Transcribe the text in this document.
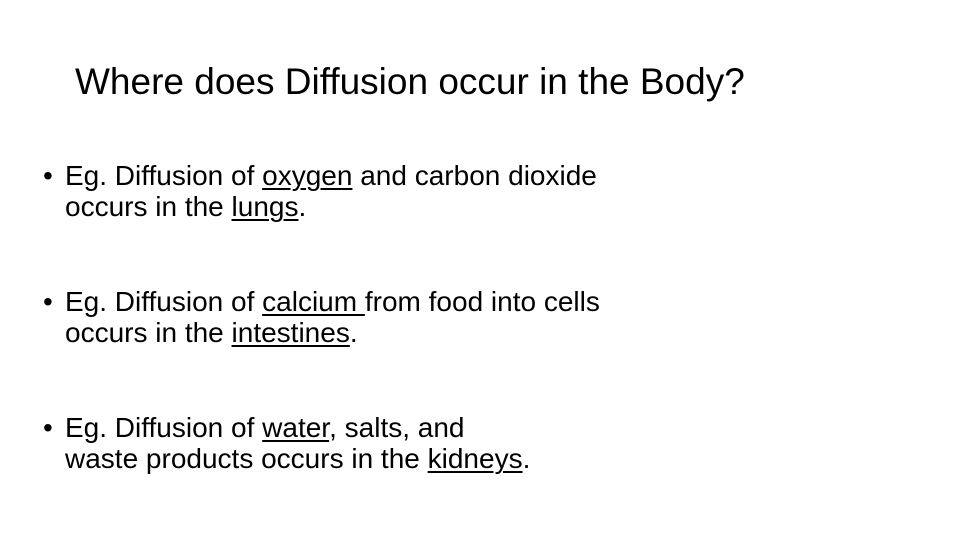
Where does Diffusion occur in the Body?
• Eg. Diffusion of oxygen and carbon dioxide
occurs in the lungs.
• Eg. Diffusion of calcium from food into cells
occurs in the intestines.
• Eg. Diffusion of water, salts, and
waste products occurs in the kidneys.
